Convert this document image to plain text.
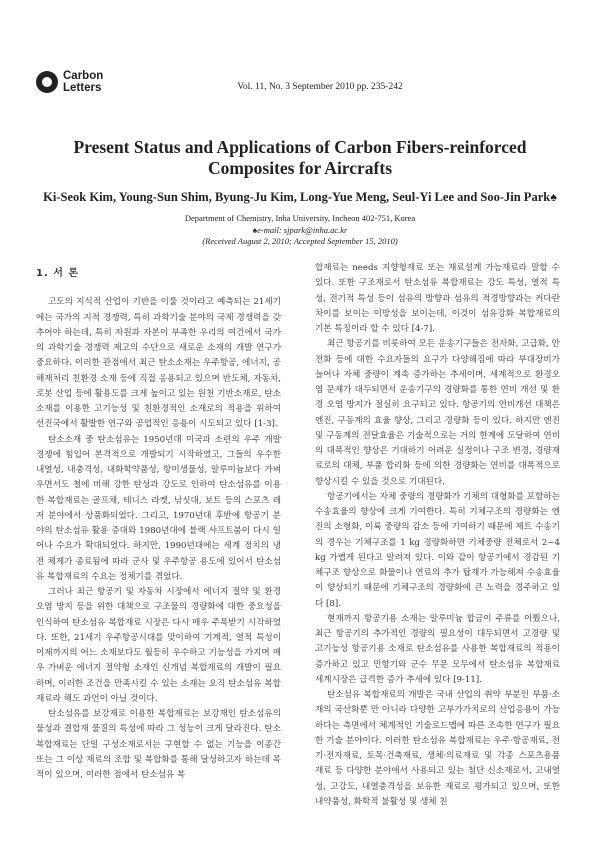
Carbon
Letters	Vol. 11, No. 3 September 2010 pp. 235-242
Present Status and Applications of Carbon Fibers-reinforced
Composites for Aircrafts
Ki-Seok Kim, Young-Sun Shim, Byung-Ju Kim, Long-Yue Meng, Seul-Yi Lee and Soo-Jin Park♠
Department of Chemistry, Inha University, Incheon 402-751, Korea
♠e-mail: sjpark@inha.ac.kr
(Received August 2, 2010; Accepted September 15, 2010)
1. 서 론

고도의 지식적 산업이 기반을 이룰 것이라고 예측되는 21세기에는 국가의 지적 경쟁력, 특히 과학기술 분야의 국제 경쟁력을 갖추어야 하는데, 특히 자원과 자본이 부족한 우리의 여건에서 국가의 과학기술 경쟁력 제고의 수단으로 새로운 소재의 개발 연구가 중요하다. 이러한 관점에서 최근 탄소소재는 우주항공, 에너지, 공해재처리 친환경 소재 등에 직접 응용되고 있으며 반도체, 자동차, 로봇 산업 등에 활용도를 크게 높이고 있는 원천 기반소재로, 탄소소재를 이용한 고기능성 및 친환경적인 소재로의 적용을 위하여 선진국에서 활발한 연구와 공업적인 응용이 시도되고 있다 [1-3].

탄소소재 중 탄소섬유는 1950년대 미국과 소련의 우주 개발 경쟁에 힘입어 본격적으로 개발되기 시작하였고, 그들의 우수한 내열성, 내충격성, 내화학약품성, 항미생물성, 알루미늄보다 가벼우면서도 철에 비해 강한 탄성과 강도로 인하여 탄소섬유를 이용한 복합재료는 골프채, 테니스 라켓, 낚싯대, 보트 등의 스포츠 레저 분야에서 상품화되었다. 그리고, 1970년대 후반에 항공기 분야의 탄소섬유 활용 증대와 1980년대에 블랙 샤프트붐이 다시 일어나 수요가 확대되었다. 하지만, 1990년대에는 세계 정치의 냉전 체제가 종료됨에 따라 군사 및 우주항공 용도에 있어서 탄소섬유 복합재료의 수요는 정체기를 겪었다.

그러나 최근 항공기 및 자동차 시장에서 에너지 절약 및 환경 오염 방지 등을 위한 대책으로 구조물의 경량화에 대한 중요성을 인식하여 탄소섬유 복합재료 시장은 다시 매우 주목받기 시작하였다. 또한, 21세기 우주항공시대를 맞이하여 기계적, 열적 특성이 이제까지의 어느 소재보다도 월등히 우수하고 기능성을 가지며 매우 가벼운 에너지 절약형 소재인 신개념 복합재료의 개발이 필요하며, 이러한 조건을 만족시킬 수 있는 소재는 오직 탄소섬유 복합재료라 해도 과언이 아닐 것이다.

탄소섬유를 보강재로 이용한 복합재료는 보강재인 탄소섬유의 물성과 결합재 물질의 특성에 따라 그 성능이 크게 달라진다. 탄소복합재료는 단일 구성소재로서는 구현할 수 없는 기능을 이종간 또는 그 이상 재료의 조합 및 복합화를 통해 달성하고자 하는데 목적이 있으며, 이러한 점에서 탄소섬유 복

합재료는 needs 지향형재료 또는 재료설계 가능재료라 말할 수 있다. 또한 구조재로서 탄소섬유 복합재료는 강도 특성, 열적 특성, 전기적 특성 등이 섬유의 방향과 섬유의 적경방향과는 커다란 차이를 보이는 이방성을 보이는데, 이것이 섬유강화 복합재료의 기본 특징이라 할 수 있다 [4-7].

최근 항공기를 비롯하여 모든 운송기구들은 전자화, 고급화, 안전화 등에 대한 수요자들의 요구가 다양해짐에 따라 부대장비가 늘어나 자체 중량이 계속 증가하는 추세이며, 세계적으로 환경오염 문제가 대두되면서 운송기구의 경량화를 통한 연비 개선 및 환경 오염 방지가 절실히 요구되고 있다. 항공기의 연비개선 대책은 엔진, 구동계의 효율 향상, 그리고 경량화 등이 있다. 하지만 엔진 및 구동계의 전달효율은 기술적으로는 거의 한계에 도달하여 연비의 대폭적인 향상은 기대하기 어려운 실정이나 구조 변경, 경량재료로의 대체, 부품 합리화 등에 의한 경량화는 연비를 대폭적으로 향상시킬 수 있을 것으로 기대된다.

항공기에서는 자체 중량의 경량화가 기체의 대형화를 포함하는 수송효율의 향상에 크게 기여한다. 특히 기체구조의 경량화는 엔진의 소형화, 이륙 중량의 감소 등에 기여하기 때문에 제트 수송기의 경우는 기체구조를 1 kg 경량화하면 기체중량 전체로서 2~4 kg 가볍게 된다고 알려져 있다. 이와 같이 항공기에서 경감된 기체구조 향상으로 화물이나 연료의 추가 탑재가 가능해져 수송효율이 향상되기 때문에 기체구조의 경량화에 큰 노력을 경주하고 있다 [8].

현재까지 항공기용 소재는 알루미늄 합금이 주류를 이뤘으나, 최근 항공기의 추가적인 경량의 필요성이 대두되면서 고경량 및 고기능성 항공기용 소재로 탄소섬유를 사용한 복합재료의 적용이 증가하고 있고 민항기와 군수 무문 모두에서 탄소섬유 복합재료 세계시장은 급격한 증가 추세에 있다 [9-11].

탄소섬유 복합재료의 개발은 국내 산업의 취약 부분인 부품·소재의 국산화뿐 만 아니라 다양한 고부가가치로의 산업응용이 가능하다는 측면에서 체계적인 기술로드맵에 따른 조속한 연구가 필요한 기술 분야이다. 이러한 탄소섬유 복합재료는 우주·항공재료, 전기·전자재료, 토목·건축재료, 생체·의료재료 및 각종 스포츠용품 재료 등 다양한 분야에서 사용되고 있는 첨단 신소재로서, 고내열성, 고강도, 내열충격성을 보유한 재료로 평가되고 있으며, 또한 내약품성, 화학적 불활성 및 생체 친
